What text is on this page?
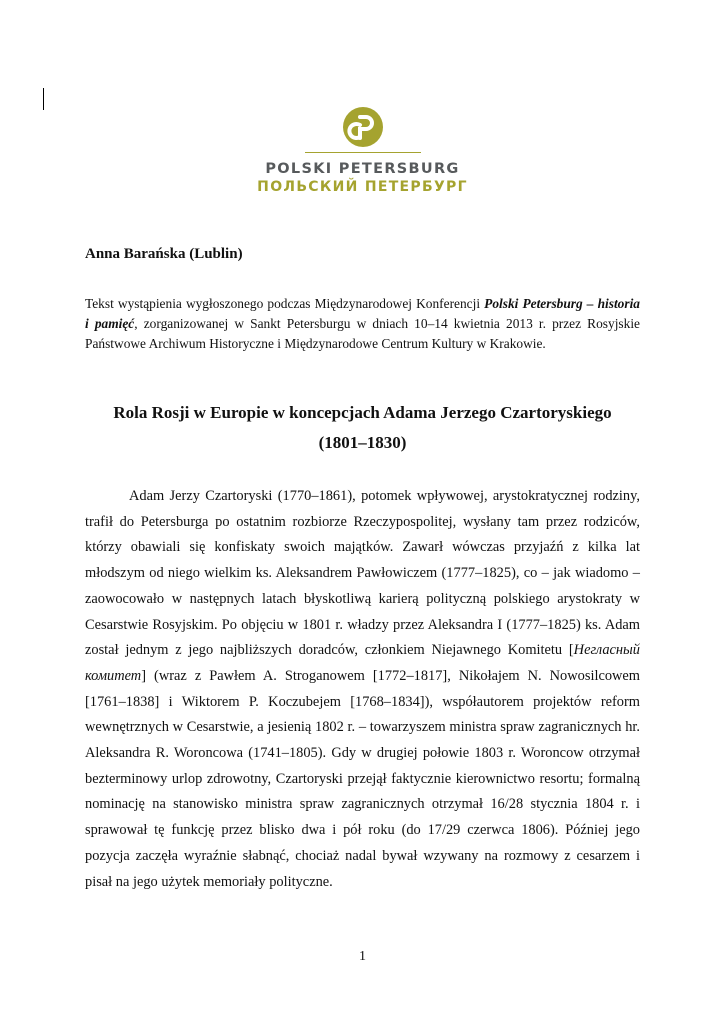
POLSKI PETERSBURG
ПОЛЬСКИЙ ПЕТЕРБУРГ
Anna Barańska (Lublin)
Tekst wystąpienia wygłoszonego podczas Międzynarodowej Konferencji Polski Petersburg – historia i pamięć, zorganizowanej w Sankt Petersburgu w dniach 10–14 kwietnia 2013 r. przez Rosyjskie Państwowe Archiwum Historyczne i Międzynarodowe Centrum Kultury w Krakowie.
Rola Rosji w Europie w koncepcjach Adama Jerzego Czartoryskiego
(1801–1830)

Adam Jerzy Czartoryski (1770–1861), potomek wpływowej, arystokratycznej rodziny, trafił do Petersburga po ostatnim rozbiorze Rzeczypospolitej, wysłany tam przez rodziców, którzy obawiali się konfiskaty swoich majątków. Zawarł wówczas przyjaźń z kilka lat młodszym od niego wielkim ks. Aleksandrem Pawłowiczem (1777–1825), co – jak wiadomo – zaowocowało w następnych latach błyskotliwą karierą polityczną polskiego arystokraty w Cesarstwie Rosyjskim. Po objęciu w 1801 r. władzy przez Aleksandra I (1777–1825) ks. Adam został jednym z jego najbliższych doradców, członkiem Niejawnego Komitetu [Негласный комитет] (wraz z Pawłem A. Stroganowem [1772–1817], Nikołajem N. Nowosilcowem [1761–1838] i Wiktorem P. Koczubejem [1768–1834]), współautorem projektów reform wewnętrznych w Cesarstwie, a jesienią 1802 r. – towarzyszem ministra spraw zagranicznych hr. Aleksandra R. Woroncowa (1741–1805). Gdy w drugiej połowie 1803 r. Woroncow otrzymał bezterminowy urlop zdrowotny, Czartoryski przejął faktycznie kierownictwo resortu; formalną nominację na stanowisko ministra spraw zagranicznych otrzymał 16/28 stycznia 1804 r. i sprawował tę funkcję przez blisko dwa i pół roku (do 17/29 czerwca 1806). Później jego pozycja zaczęła wyraźnie słabnąć, chociaż nadal bywał wzywany na rozmowy z cesarzem i pisał na jego użytek memoriały polityczne.

1
